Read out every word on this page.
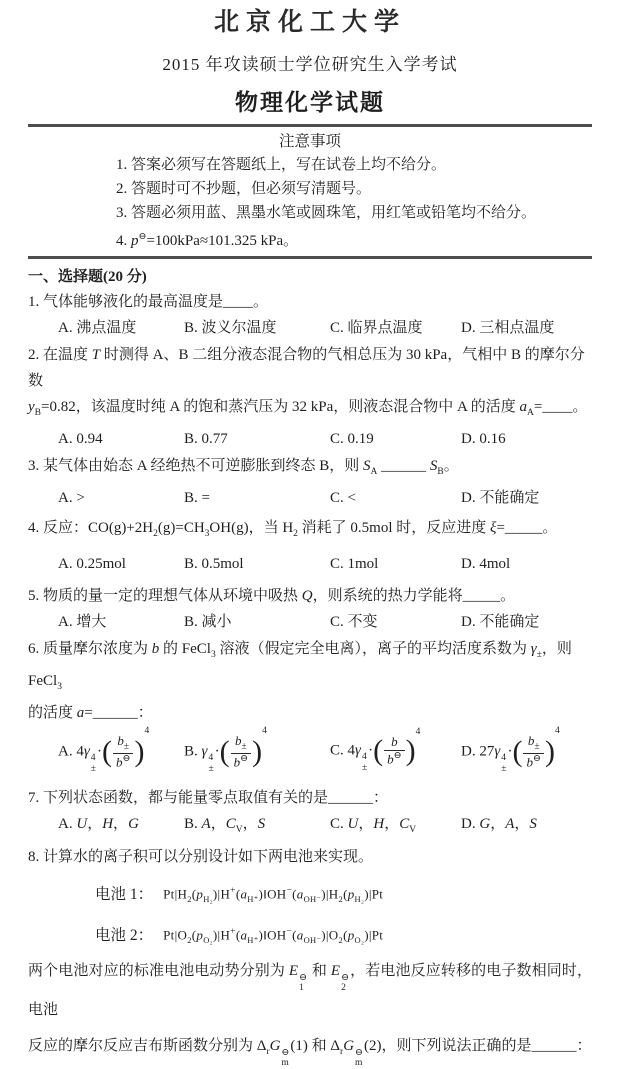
北京化工大学
2015 年攻读硕士学位研究生入学考试
物理化学试题
注意事项
1. 答案必须写在答题纸上，写在试卷上均不给分。
2. 答题时可不抄题，但必须写清题号。
3. 答题必须用蓝、黑墨水笔或圆珠笔，用红笔或铅笔均不给分。
4. p⊖=100kPa≈101.325 kPa。
一、选择题(20 分)
1. 气体能够液化的最高温度是____。
A. 沸点温度	B. 波义尔温度	C. 临界点温度	D. 三相点温度
2. 在温度 T 时测得 A、B 二组分液态混合物的气相总压为 30 kPa，气相中 B 的摩尔分数
$y_B=0.82$，该温度时纯 A 的饱和蒸汽压为 32 kPa，则液态混合物中 A 的活度 $a_A=\_\_\_\_$。
A. 0.94	B. 0.77	C. 0.19	D. 0.16
3. 某气体由始态 A 经绝热不可逆膨胀到终态 B，则 $S_A$ ______ $S_B$。
A. >	B. =	C. <	D. 不能确定
4. 反应：$CO(g)+2H_2(g)=CH_3OH(g)$，当 $H_2$ 消耗了 0.5mol 时，反应进度 ξ=_____。
A. 0.25mol	B. 0.5mol	C. 1mol	D. 4mol
5. 物质的量一定的理想气体从环境中吸热 Q，则系统的热力学能将_____。
A. 增大	B. 减小	C. 不变	D. 不能确定
6. 质量摩尔浓度为 b 的 FeCl$_3$ 溶液（假定完全电离），离子的平均活度系数为 $\gamma_\pm$，则 FeCl$_3$
的活度 a=______：
A. 4γ 4
±
·( $\frac{b_\pm}{b^⊖} )^4$
B. γ 4
±
·( $\frac{b_\pm}{b^⊖} )^4$
C. 4γ 4
±
·( $\frac{b}{b^⊖} )^4$
D. 27γ 4
±
·( $\frac{b_\pm}{b^⊖} )^4$
7. 下列状态函数，都与能量零点取值有关的是______：
A. U，H，G	B. A，$C_V$，S	C. U，H，$C_V$	D. G，A，S
8. 计算水的离子积可以分别设计如下两电池来实现。
电池 1： $Pt|H_2(p_{H_2})|H^+(a_{H^+})‖OH^-(a_{OH^-})|H_2(p_{H_2})|Pt$
电池 2： $Pt|O_2(p_{O_2})|H^+(a_{H^+})‖OH^-(a_{OH^-})|O_2(p_{O_2})|Pt$
两个电池对应的标准电池电动势分别为 E ⊖
1
和 E ⊖
2
，若电池反应转移的电子数相同时，电池
反应的摩尔反应吉布斯函数分别为 $\Delta_rG$ ⊖
m
(1) 和 $\Delta_rG$ ⊖
m
(2)，则下列说法正确的是______：
